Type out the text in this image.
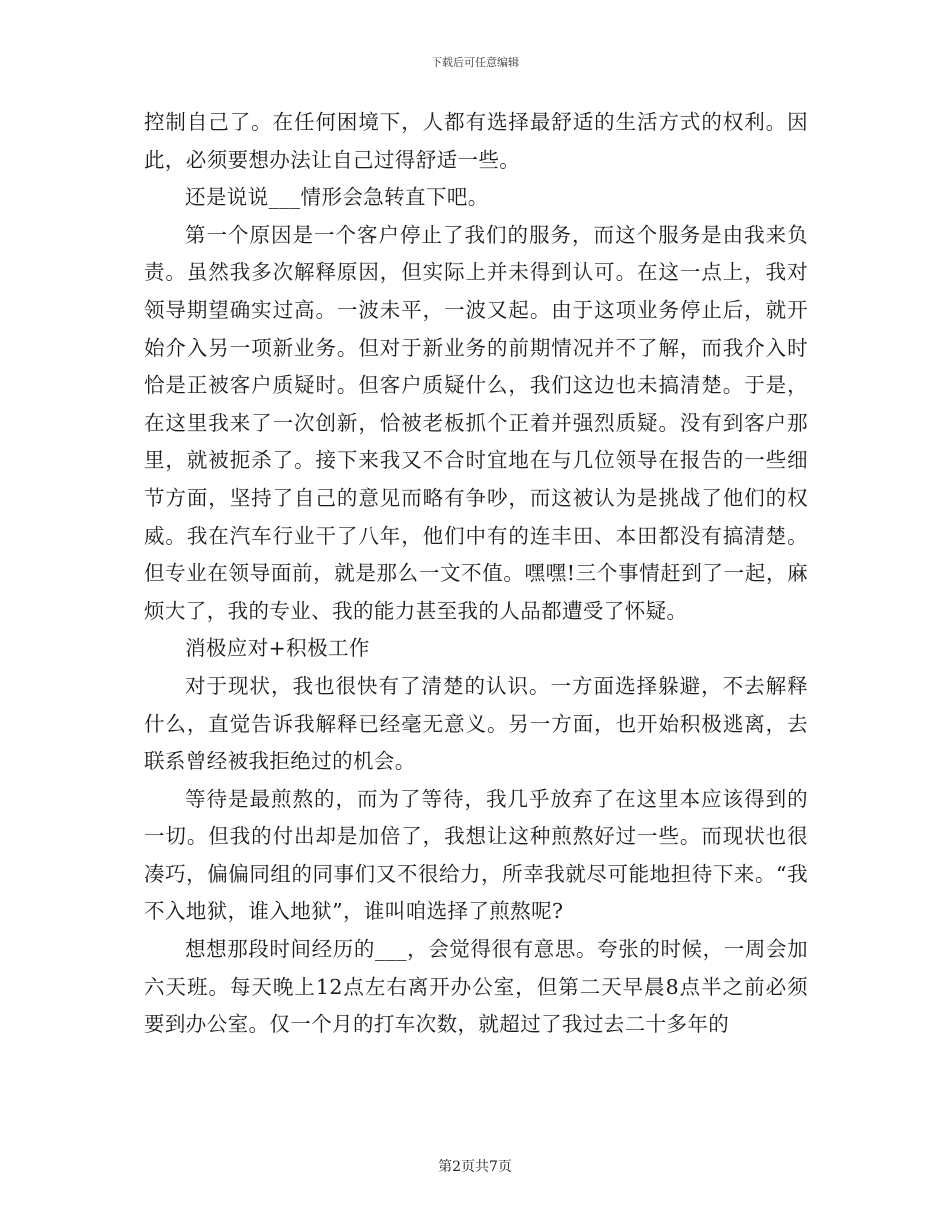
下载后可任意编辑

控制自己了。在任何困境下，人都有选择最舒适的生活方式的权利。因此，必须要想办法让自己过得舒适一些。

还是说说___情形会急转直下吧。

第一个原因是一个客户停止了我们的服务，而这个服务是由我来负责。虽然我多次解释原因，但实际上并未得到认可。在这一点上，我对领导期望确实过高。一波未平，一波又起。由于这项业务停止后，就开始介入另一项新业务。但对于新业务的前期情况并不了解，而我介入时恰是正被客户质疑时。但客户质疑什么，我们这边也未搞清楚。于是，在这里我来了一次创新，恰被老板抓个正着并强烈质疑。没有到客户那里，就被扼杀了。接下来我又不合时宜地在与几位领导在报告的一些细节方面，坚持了自己的意见而略有争吵，而这被认为是挑战了他们的权威。我在汽车行业干了八年，他们中有的连丰田、本田都没有搞清楚。但专业在领导面前，就是那么一文不值。嘿嘿!三个事情赶到了一起，麻烦大了，我的专业、我的能力甚至我的人品都遭受了怀疑。

消极应对+积极工作

对于现状，我也很快有了清楚的认识。一方面选择躲避，不去解释什么，直觉告诉我解释已经毫无意义。另一方面，也开始积极逃离，去联系曾经被我拒绝过的机会。

等待是最煎熬的，而为了等待，我几乎放弃了在这里本应该得到的一切。但我的付出却是加倍了，我想让这种煎熬好过一些。而现状也很凑巧，偏偏同组的同事们又不很给力，所幸我就尽可能地担待下来。“我不入地狱，谁入地狱”，谁叫咱选择了煎熬呢?

想想那段时间经历的___，会觉得很有意思。夸张的时候，一周会加六天班。每天晚上12点左右离开办公室，但第二天早晨8点半之前必须要到办公室。仅一个月的打车次数，就超过了我过去二十多年的

第2页共7页
